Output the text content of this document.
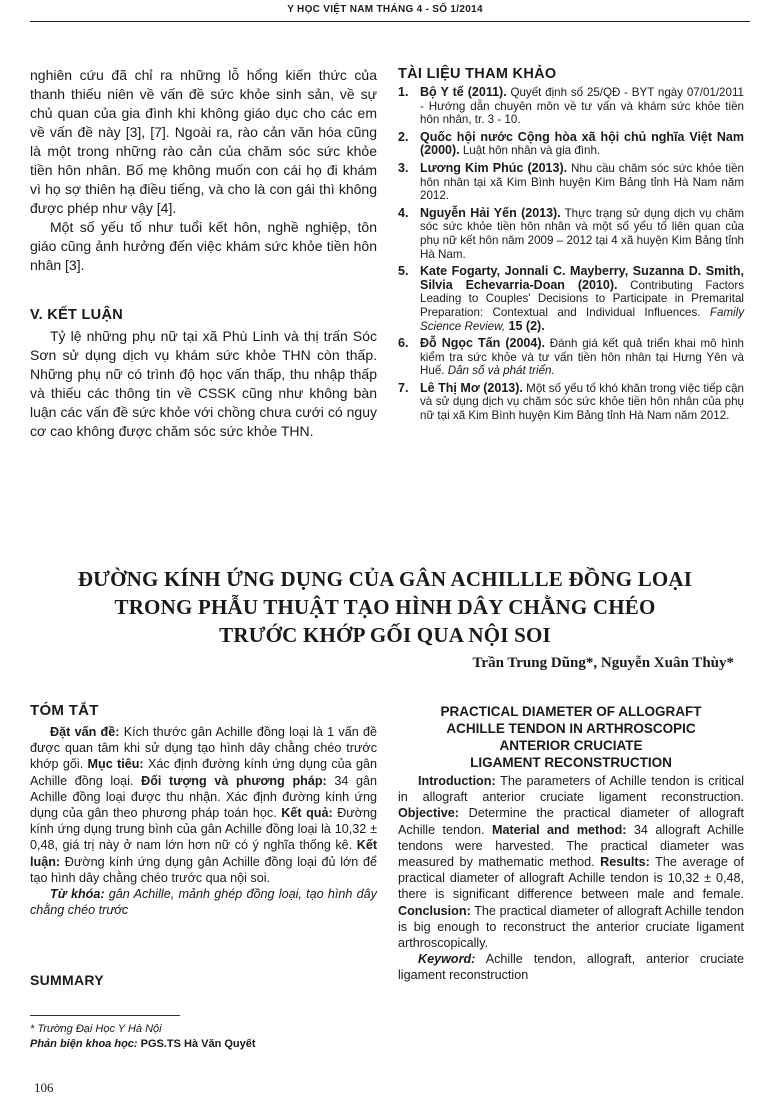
Y HỌC VIỆT NAM THÁNG 4 - SỐ 1/2014

nghiên cứu đã chỉ ra những lỗ hổng kiến thức của thanh thiếu niên về vấn đề sức khỏe sinh sản, về sự chủ quan của gia đình khi không giáo dục cho các em về vấn đề này [3], [7]. Ngoài ra, rào cản văn hóa cũng là một trong những rào cản của chăm sóc sức khỏe tiền hôn nhân. Bố mẹ không muốn con cái họ đi khám vì họ sợ thiên hạ điều tiếng, và cho là con gái thì không được phép như vậy [4].

Một số yếu tố như tuổi kết hôn, nghề nghiệp, tôn giáo cũng ảnh hưởng đến việc khám sức khỏe tiền hôn nhân [3].

V. KẾT LUẬN

Tỷ lệ những phụ nữ tại xã Phù Linh và thị trấn Sóc Sơn sử dụng dịch vụ khám sức khỏe THN còn thấp. Những phụ nữ có trình độ học vấn thấp, thu nhập thấp và thiếu các thông tin về CSSK cũng như không bàn luận các vấn đề sức khỏe với chồng chưa cưới có nguy cơ cao không được chăm sóc sức khỏe THN.

TÀI LIỆU THAM KHẢO
1. Bộ Y tế (2011). Quyết định số 25/QĐ - BYT ngày 07/01/2011 - Hướng dẫn chuyên môn về tư vấn và khám sức khỏe tiền hôn nhân, tr. 3 - 10.
2. Quốc hội nước Cộng hòa xã hội chủ nghĩa Việt Nam (2000). Luật hôn nhân và gia đình.
3. Lương Kim Phúc (2013). Nhu cầu chăm sóc sức khỏe tiền hôn nhân tại xã Kim Bình huyện Kim Bảng tỉnh Hà Nam năm 2012.
4. Nguyễn Hải Yến (2013). Thực trạng sử dụng dịch vụ chăm sóc sức khỏe tiền hôn nhân và một số yếu tố liên quan của phụ nữ kết hôn năm 2009 – 2012 tại 4 xã huyện Kim Bảng tỉnh Hà Nam.
5. Kate Fogarty, Jonnali C. Mayberry, Suzanna D. Smith, Silvia Echevarria-Doan (2010). Contributing Factors Leading to Couples' Decisions to Participate in Premarital Preparation: Contextual and Individual Influences. Family Science Review, 15 (2).
6. Đỗ Ngọc Tấn (2004). Đánh giá kết quả triển khai mô hình kiểm tra sức khỏe và tư vấn tiền hôn nhân tại Hưng Yên và Huế. Dân số và phát triển.
7. Lê Thị Mơ (2013). Một số yếu tố khó khăn trong việc tiếp cận và sử dụng dịch vụ chăm sóc sức khỏe tiền hôn nhân của phụ nữ tại xã Kim Bình huyện Kim Bảng tỉnh Hà Nam năm 2012.
ĐƯỜNG KÍNH ỨNG DỤNG CỦA GÂN ACHILLLE ĐỒNG LOẠI
TRONG PHẪU THUẬT TẠO HÌNH DÂY CHẰNG CHÉO
TRƯỚC KHỚP GỐI QUA NỘI SOI
Trần Trung Dũng*, Nguyễn Xuân Thùy*
TÓM TẮT

Đặt vấn đề: Kích thước gân Achille đồng loại là 1 vấn đề được quan tâm khi sử dụng tạo hình dây chằng chéo trước khớp gối. Mục tiêu: Xác định đường kính ứng dụng của gân Achille đồng loại. Đối tượng và phương pháp: 34 gân Achille đồng loại được thu nhận. Xác định đường kính ứng dụng của gân theo phương pháp toán học. Kết quả: Đường kính ứng dụng trung bình của gân Achille đồng loại là 10,32 ± 0,48, giá trị này ở nam lớn hơn nữ có ý nghĩa thống kê. Kết luận: Đường kính ứng dụng gân Achille đồng loại đủ lớn để tạo hình dây chằng chéo trước qua nội soi.

Từ khóa: gân Achille, mảnh ghép đồng loại, tạo hình dây chằng chéo trước

SUMMARY
PRACTICAL DIAMETER OF ALLOGRAFT
ACHILLE TENDON IN ARTHROSCOPIC
ANTERIOR CRUCIATE
LIGAMENT RECONSTRUCTION

Introduction: The parameters of Achille tendon is critical in allograft anterior cruciate ligament reconstruction. Objective: Determine the practical diameter of allograft Achille tendon. Material and method: 34 allograft Achille tendons were harvested. The practical diameter was measured by mathematic method. Results: The average of practical diameter of allograft Achille tendon is 10,32 ± 0,48, there is significant difference between male and female. Conclusion: The practical diameter of allograft Achille tendon is big enough to reconstruct the anterior cruciate ligament arthroscopically.

Keyword: Achille tendon, allograft, anterior cruciate ligament reconstruction

* Trường Đại Học Y Hà Nội
Phản biện khoa học: PGS.TS Hà Văn Quyết
106
